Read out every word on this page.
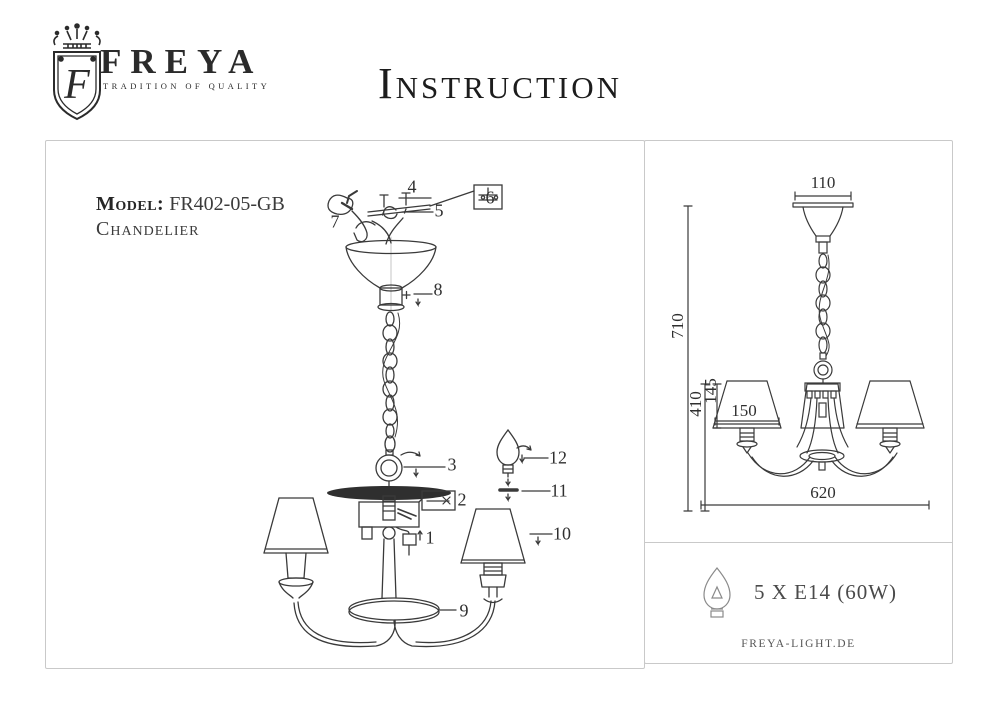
F
FREYA
TRADITION OF QUALITY	Instruction
Model: FR402-05-GB
Chandelier
1
2
3
4
5
6
7
8
9
10
11
12
110
710
410
145
150
620
5 X E14 (60W)
FREYA-LIGHT.DE
